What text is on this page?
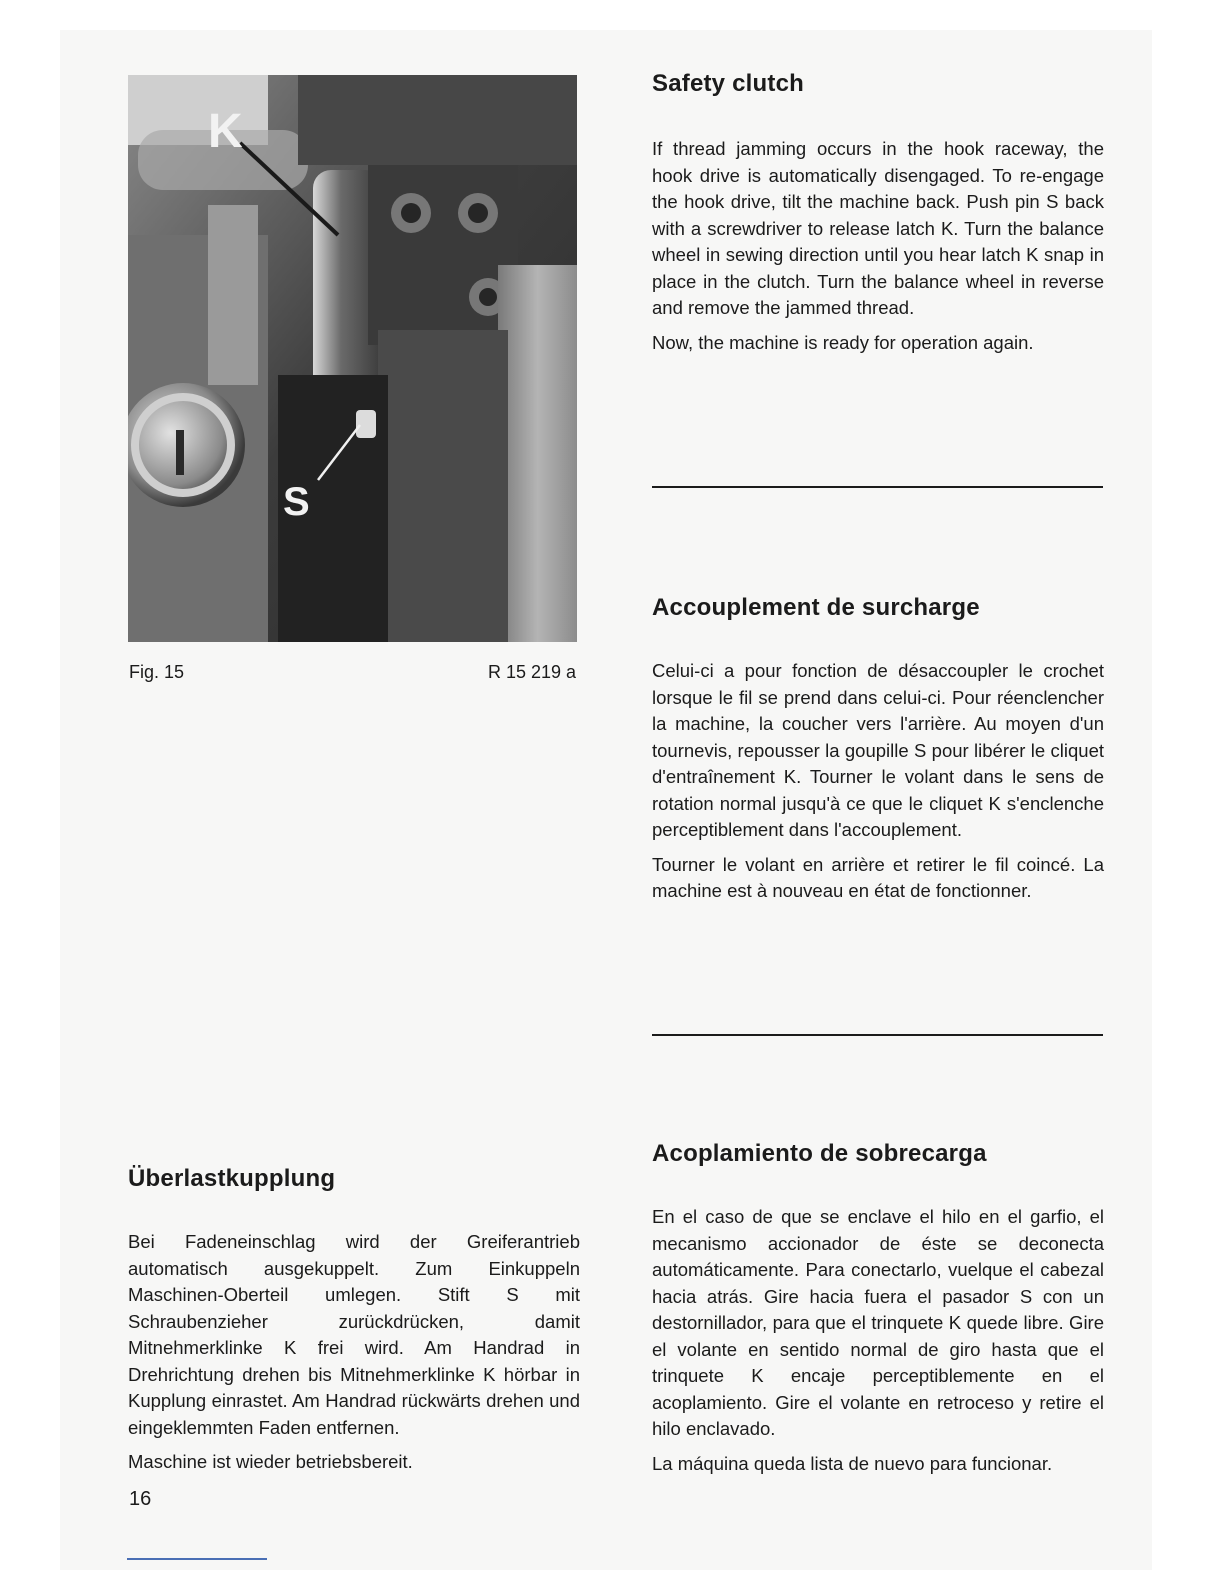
K
S
Fig. 15	R 15 219 a
Safety clutch

If thread jamming occurs in the hook raceway, the hook drive is automatically disengaged. To re-engage the hook drive, tilt the machine back. Push pin S back with a screwdriver to release latch K. Turn the balance wheel in sewing direction until you hear latch K snap in place in the clutch. Turn the balance wheel in reverse and remove the jammed thread.

Now, the machine is ready for operation again.

Accouplement de surcharge

Celui-ci a pour fonction de désaccoupler le crochet lorsque le fil se prend dans celui-ci. Pour réenclencher la machine, la coucher vers l'arrière. Au moyen d'un tournevis, repousser la goupille S pour libérer le cliquet d'entraînement K. Tourner le volant dans le sens de rotation normal jusqu'à ce que le cliquet K s'enclenche perceptiblement dans l'accouplement.

Tourner le volant en arrière et retirer le fil coincé. La machine est à nouveau en état de fonctionner.

Acoplamiento de sobrecarga

En el caso de que se enclave el hilo en el garfio, el mecanismo accionador de éste se deconecta automáticamente. Para conectarlo, vuelque el cabezal hacia atrás. Gire hacia fuera el pasador S con un destornillador, para que el trinquete K quede libre. Gire el volante en sentido normal de giro hasta que el trinquete K encaje perceptiblemente en el acoplamiento. Gire el volante en retroceso y retire el hilo enclavado.

La máquina queda lista de nuevo para funcionar.

Überlastkupplung

Bei Fadeneinschlag wird der Greiferantrieb automatisch ausgekuppelt. Zum Einkuppeln Maschinen-Oberteil umlegen. Stift S mit Schraubenzieher zurückdrücken, damit Mitnehmerklinke K frei wird. Am Handrad in Drehrichtung drehen bis Mitnehmerklinke K hörbar in Kupplung einrastet. Am Handrad rückwärts drehen und eingeklemmten Faden entfernen.

Maschine ist wieder betriebsbereit.

16
